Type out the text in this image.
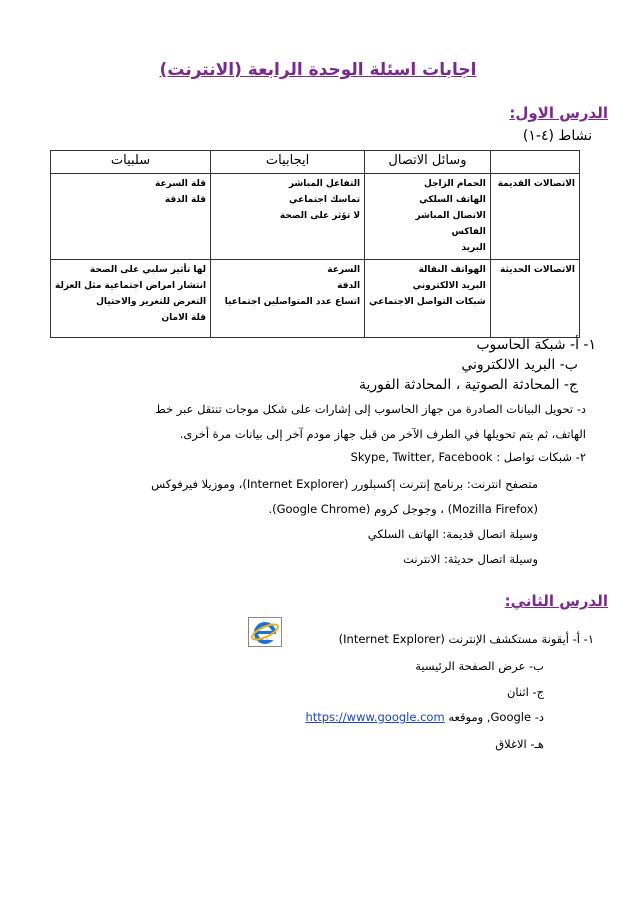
اجابات اسئلة الوحدة الرابعة (الانترنت)
الدرس الاول:
نشاط (٤-١)
	وسائل الاتصال	ايجابيات	سلبيات
الاتصالات القديمة	الحمام الزاجل
الهاتف السلكي
الاتصال المباشر
الفاكس
البريد	التفاعل المباشر
تماسك اجتماعي
لا تؤثر على الصحة	قلة السرعة
قلة الدقة

الاتصالات الحديثة	الهواتف النقالة
البريد الالكتروني
شبكات التواصل الاجتماعي	السرعة
الدقة
اتساع عدد المتواصلين اجتماعيا	لها تأثير سلبي على الصحة
انتشار امراض اجتماعية مثل العزلة
التعرض للتغرير والاحتيال
قلة الامان
١- أ- شبكة الحاسوب
ب- البريد الالكتروني
ج- المحادثة الصوتية ، المحادثة الفورية
د- تحويل البيانات الصادرة من جهاز الحاسوب إلى إشارات على شكل موجات تنتقل عبر خط
الهاتف، ثم يتم تحويلها في الطرف الآخر من قبل جهاز مودم آخر إلى بيانات مرة أخرى.
٢- شبكات تواصل : Skype, Twitter, Facebook
متصفح انترنت: برنامج إنترنت إكسبلورر (Internet Explorer)، وموزيلا فيرفوكس
(Mozilla Firefox) ، وجوجل كروم (Google Chrome).
وسيلة اتصال قديمة: الهاتف السلكي
وسيلة اتصال حديثة: الانترنت
الدرس الثاني:
١- أ- أيقونة مستكشف الإنترنت (Internet Explorer)
ب- عرض الصفحة الرئيسية
ج- اثنان
د- Google, وموقعه https://www.google.com
هـ- الاغلاق
